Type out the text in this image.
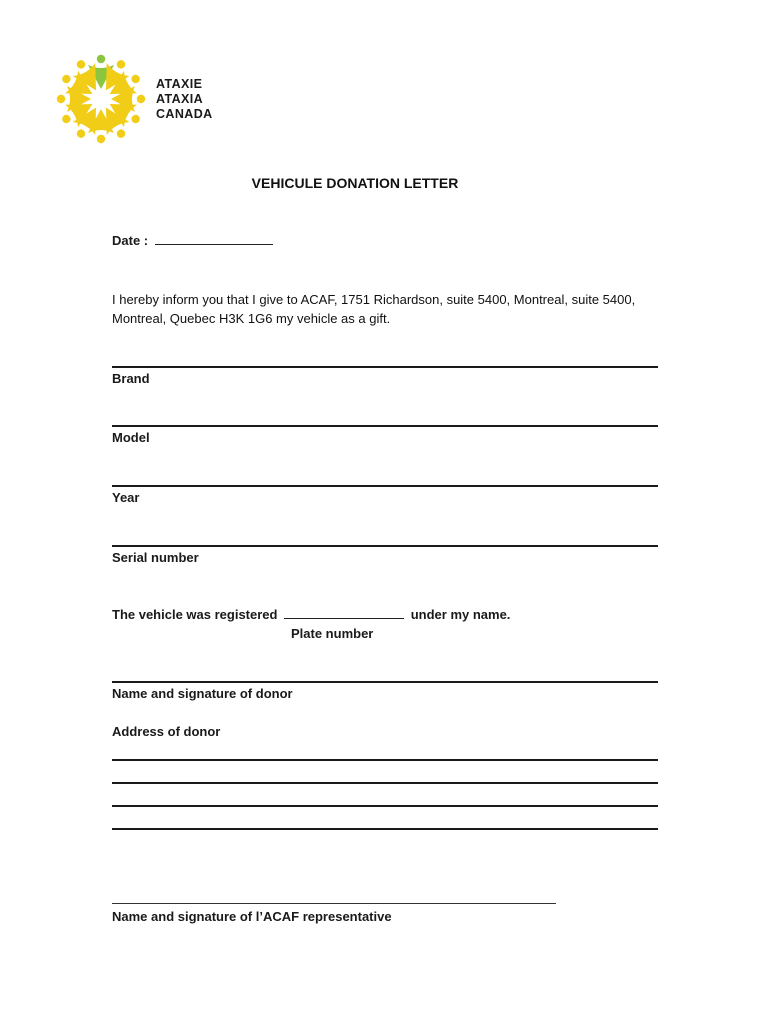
ATAXIE
ATAXIA
CANADA
VEHICULE DONATION LETTER
Date :
I hereby inform you that I give to ACAF, 1751 Richardson, suite 5400, Montreal, suite 5400, Montreal, Quebec H3K 1G6 my vehicle as a gift.
Brand
Model
Year
Serial number
The vehicle was registered	under my name.
Plate number
Name and signature of donor
Address of donor
Name and signature of l’ACAF representative
